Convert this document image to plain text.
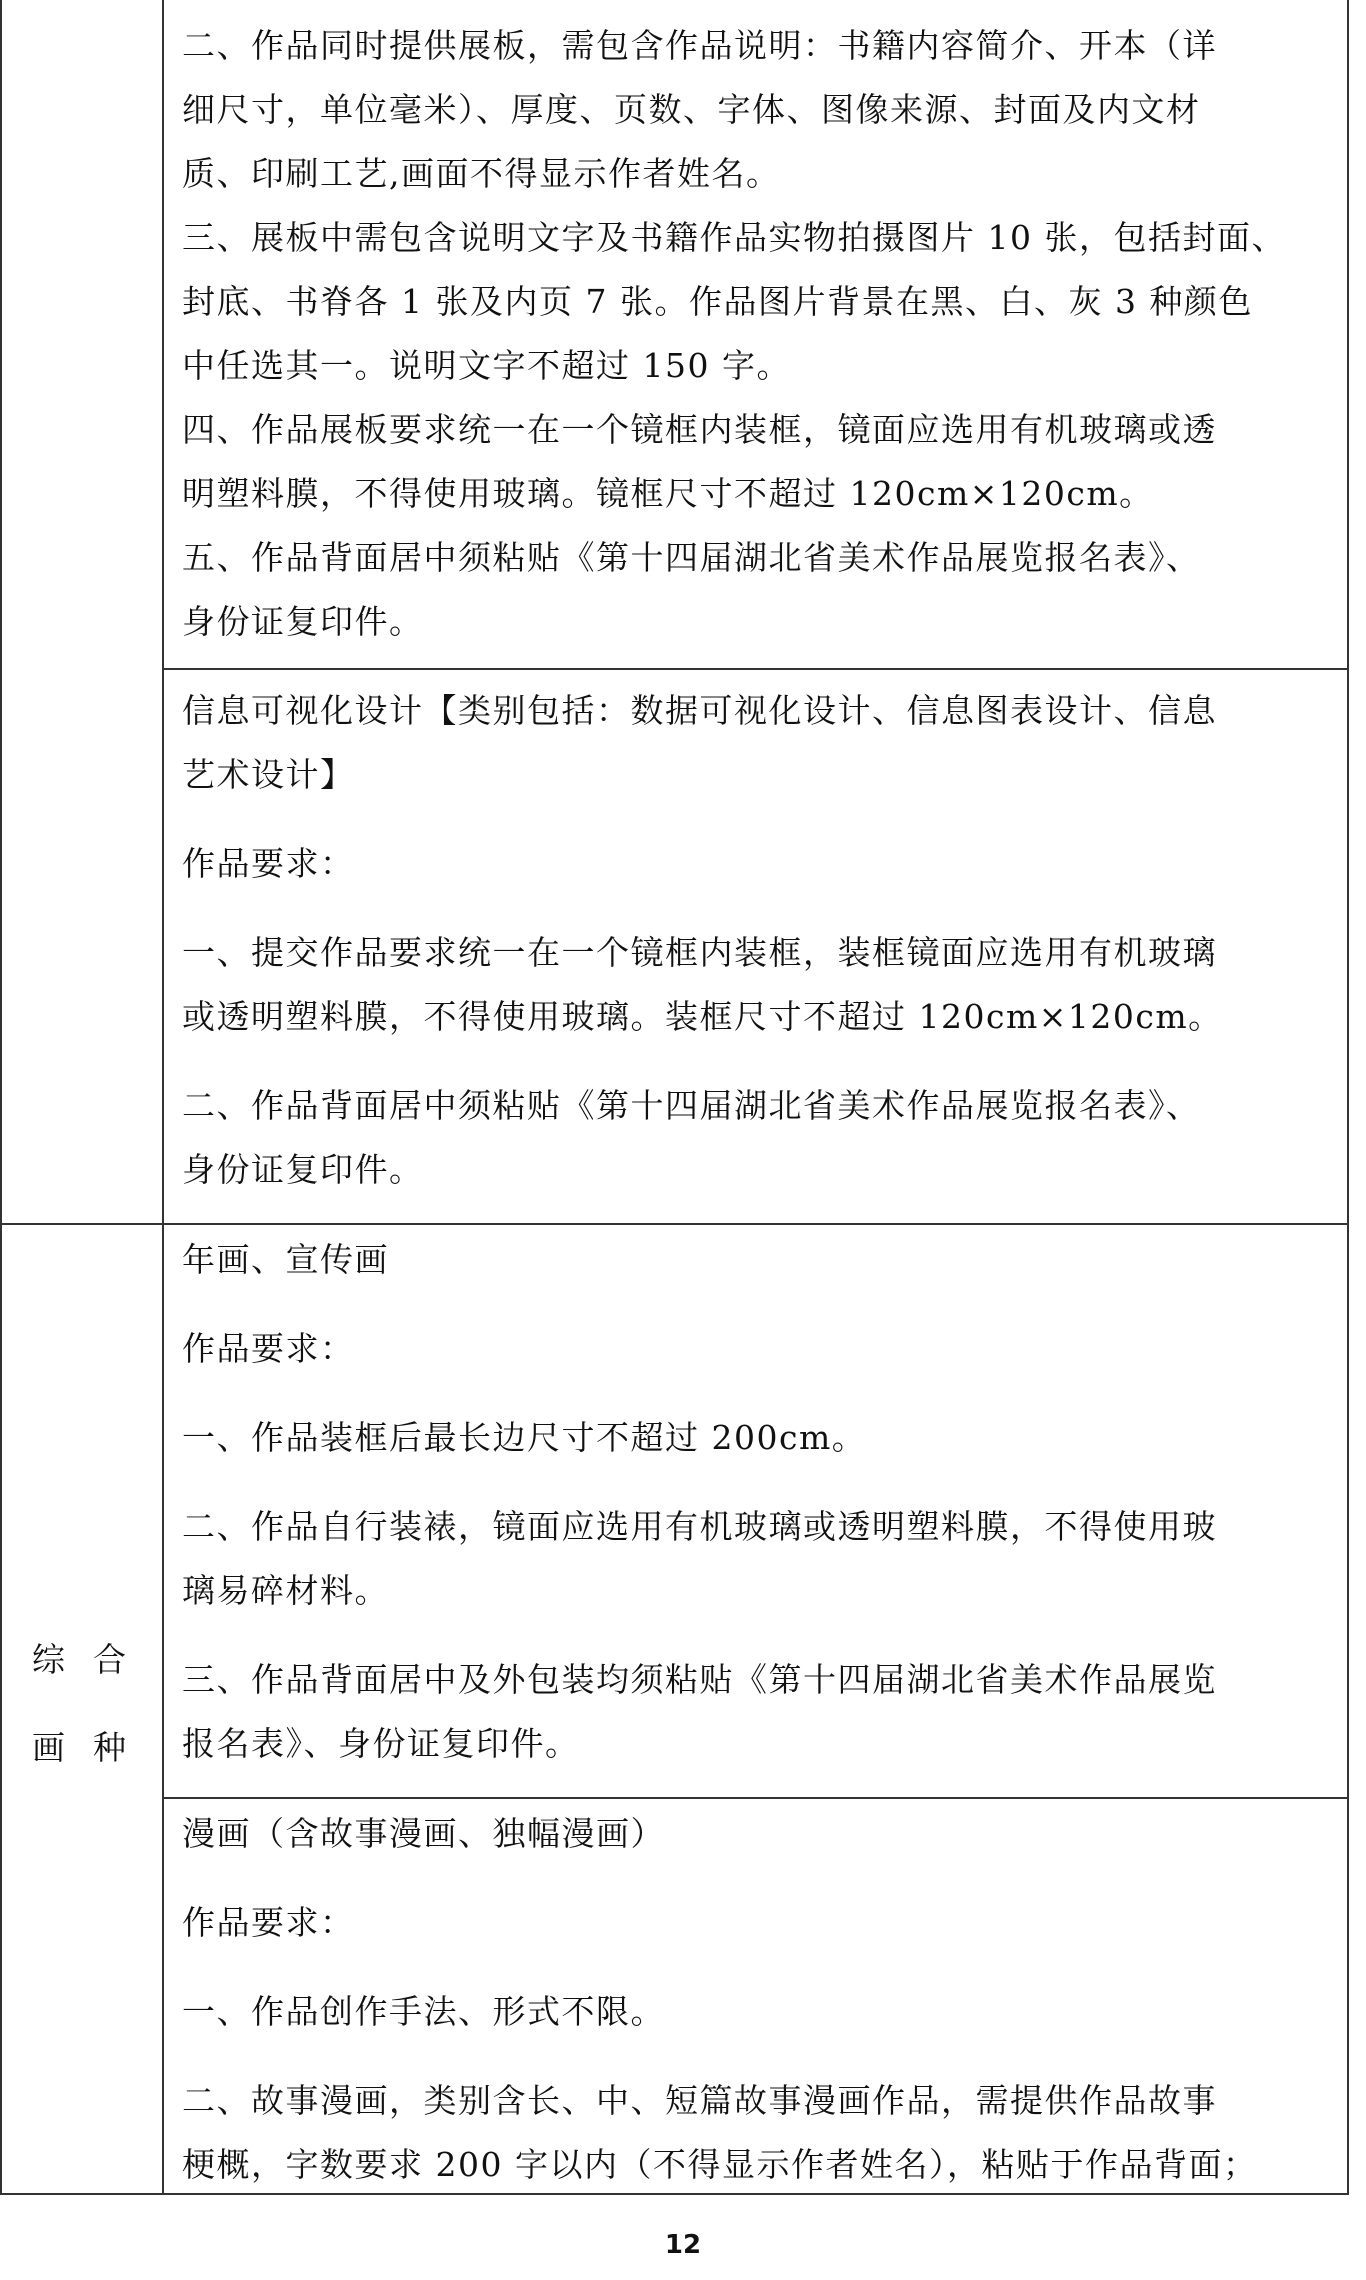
二、作品同时提供展板，需包含作品说明：书籍内容简介、开本（详

细尺寸，单位毫米）、厚度、页数、字体、图像来源、封面及内文材

质、印刷工艺,画面不得显示作者姓名。

三、展板中需包含说明文字及书籍作品实物拍摄图片 10 张，包括封面、

封底、书脊各 1 张及内页 7 张。作品图片背景在黑、白、灰 3 种颜色

中任选其一。说明文字不超过 150 字。

四、作品展板要求统一在一个镜框内装框，镜面应选用有机玻璃或透

明塑料膜，不得使用玻璃。镜框尺寸不超过 120cm×120cm。

五、作品背面居中须粘贴《第十四届湖北省美术作品展览报名表》、

身份证复印件。

信息可视化设计【类别包括：数据可视化设计、信息图表设计、信息

艺术设计】

作品要求：

一、提交作品要求统一在一个镜框内装框，装框镜面应选用有机玻璃

或透明塑料膜，不得使用玻璃。装框尺寸不超过 120cm×120cm。

二、作品背面居中须粘贴《第十四届湖北省美术作品展览报名表》、

身份证复印件。

年画、宣传画

作品要求：

一、作品装框后最长边尺寸不超过 200cm。

二、作品自行装裱，镜面应选用有机玻璃或透明塑料膜，不得使用玻

璃易碎材料。

三、作品背面居中及外包装均须粘贴《第十四届湖北省美术作品展览

报名表》、身份证复印件。

漫画（含故事漫画、独幅漫画）

作品要求：

一、作品创作手法、形式不限。

二、故事漫画，类别含长、中、短篇故事漫画作品，需提供作品故事

梗概，字数要求 200 字以内（不得显示作者姓名），粘贴于作品背面；

综合

画种

12
